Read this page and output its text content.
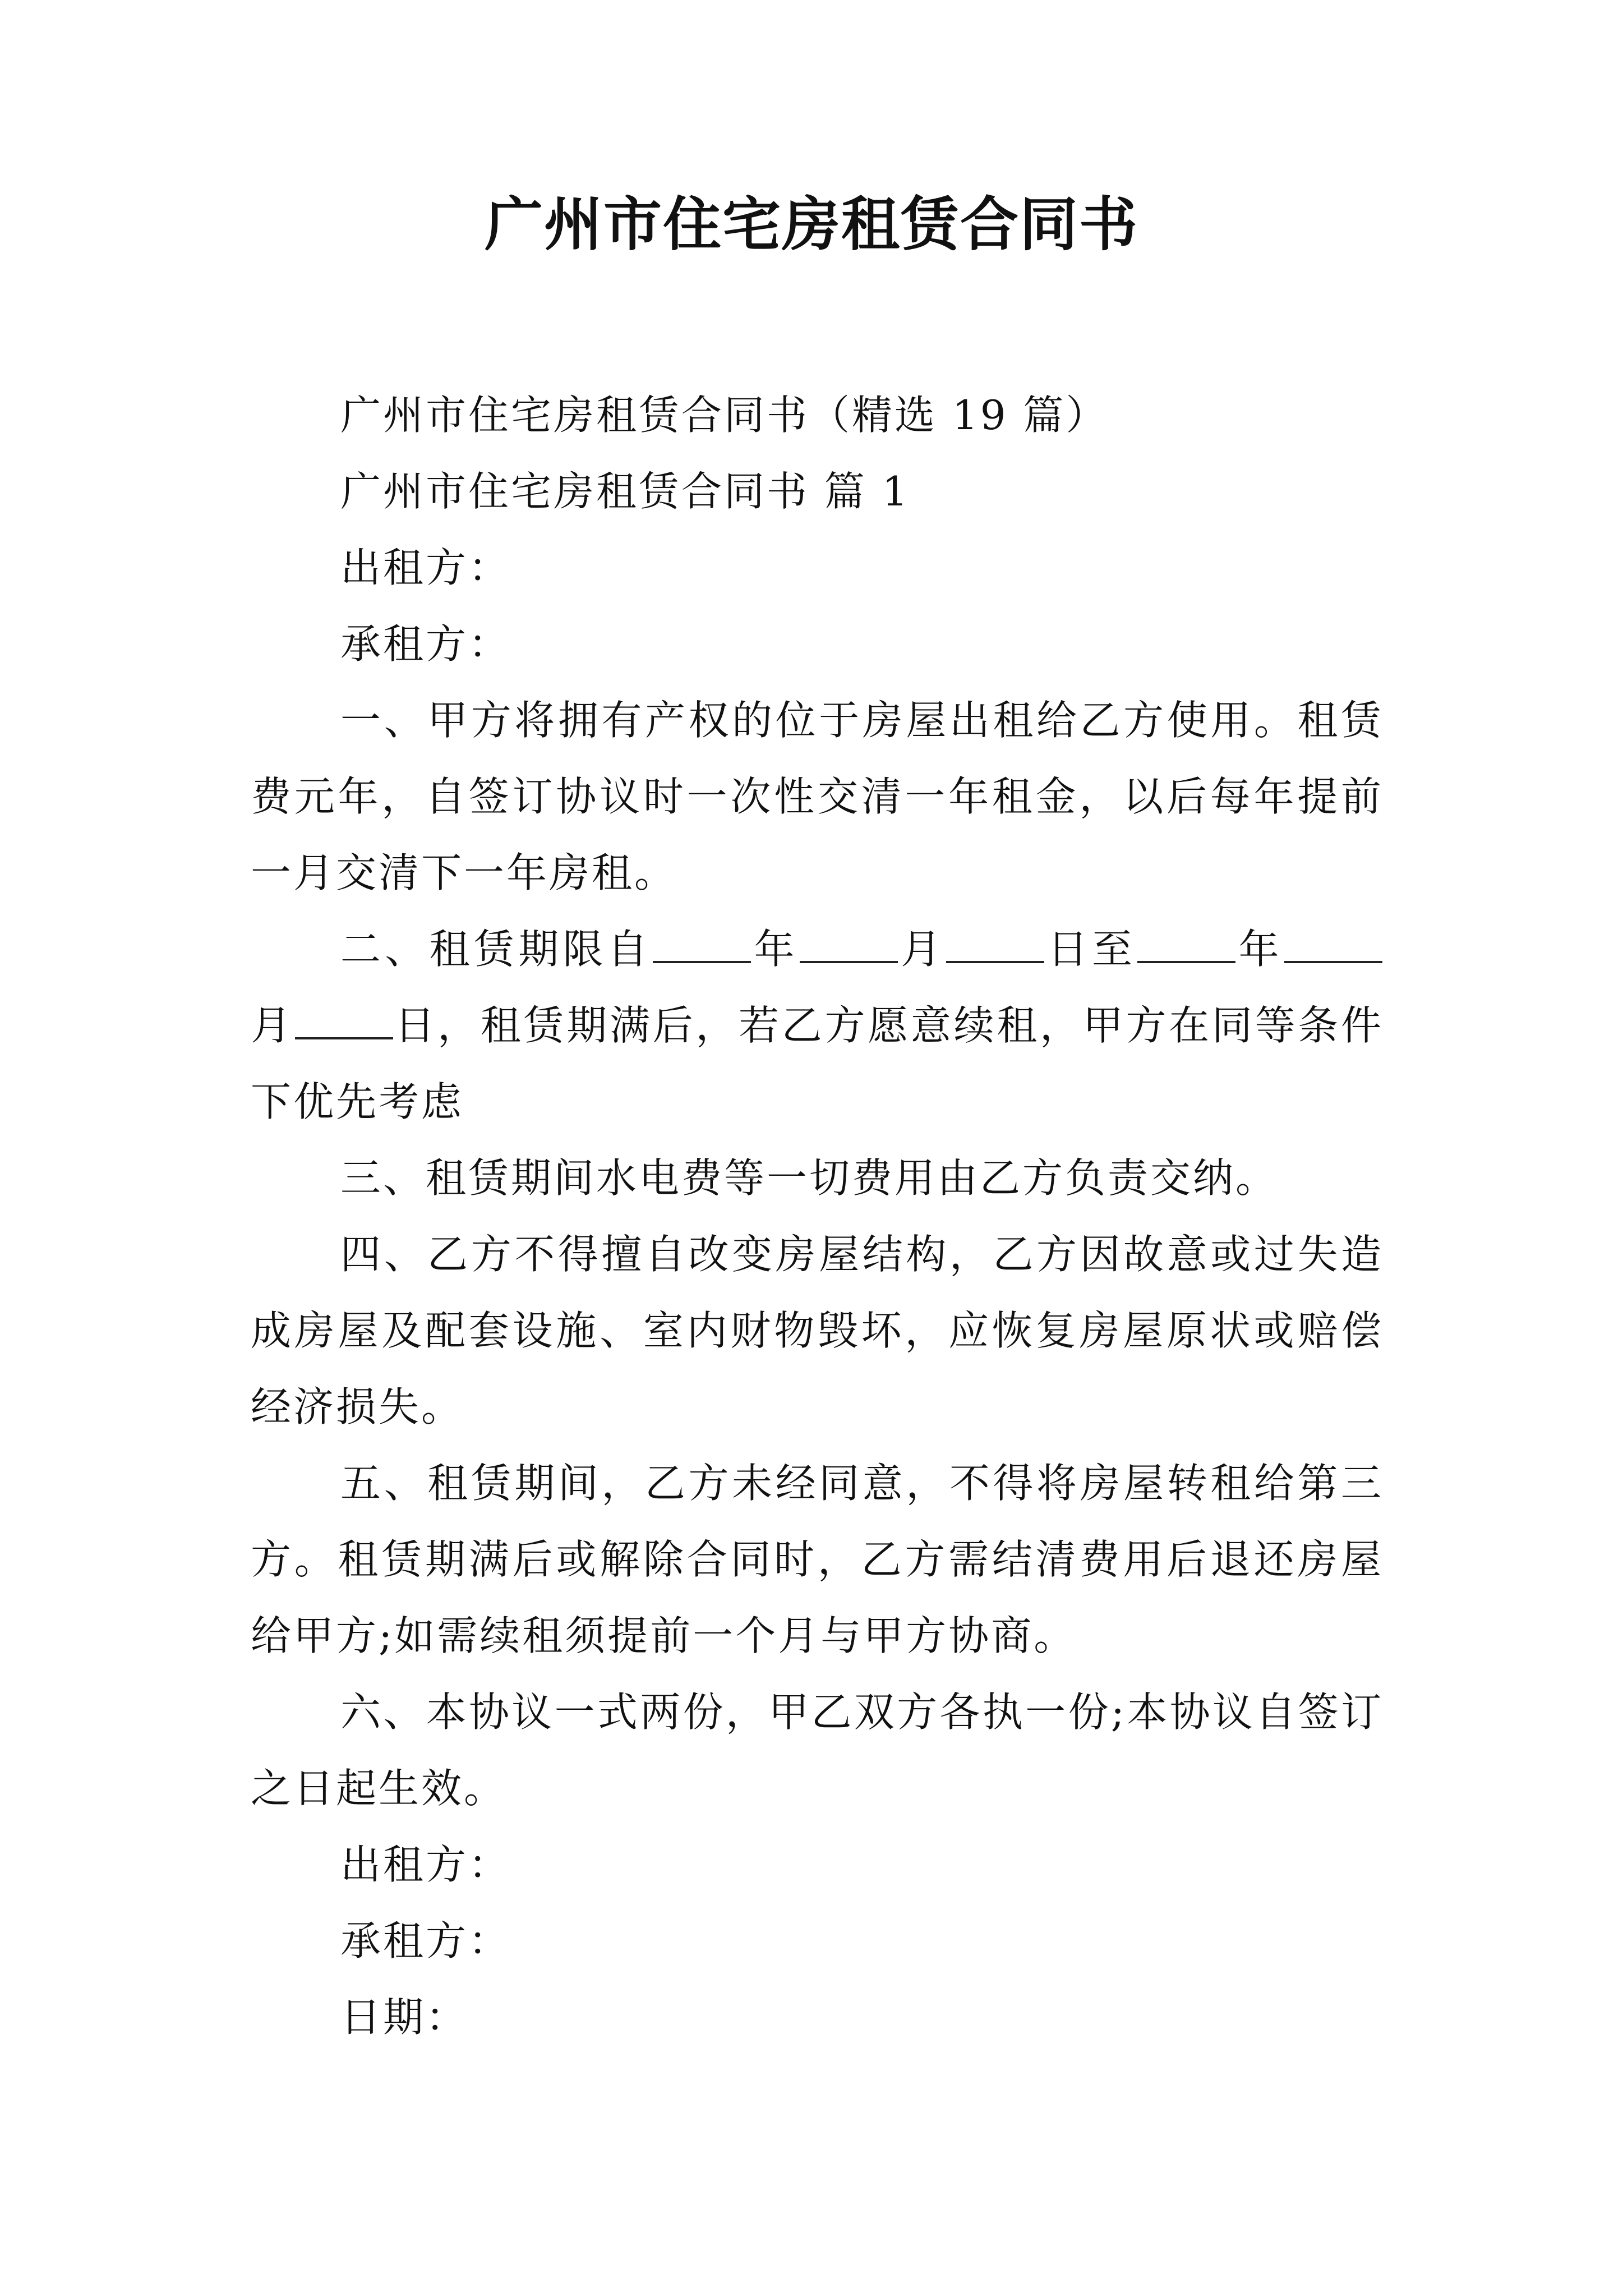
广州市住宅房租赁合同书

广州市住宅房租赁合同书（精选 19 篇）

广州市住宅房租赁合同书 篇 1

出租方：

承租方：

一、甲方将拥有产权的位于房屋出租给乙方使用。租赁费元年，自签订协议时一次性交清一年租金，以后每年提前一月交清下一年房租。

二、租赁期限自 年 月 日至 年月 日，租赁期满后，若乙方愿意续租，甲方在同等条件下优先考虑

三、租赁期间水电费等一切费用由乙方负责交纳。

四、乙方不得擅自改变房屋结构，乙方因故意或过失造成房屋及配套设施、室内财物毁坏，应恢复房屋原状或赔偿经济损失。

五、租赁期间，乙方未经同意，不得将房屋转租给第三方。租赁期满后或解除合同时，乙方需结清费用后退还房屋给甲方;如需续租须提前一个月与甲方协商。

六、本协议一式两份，甲乙双方各执一份;本协议自签订之日起生效。

出租方：

承租方：

日期：
